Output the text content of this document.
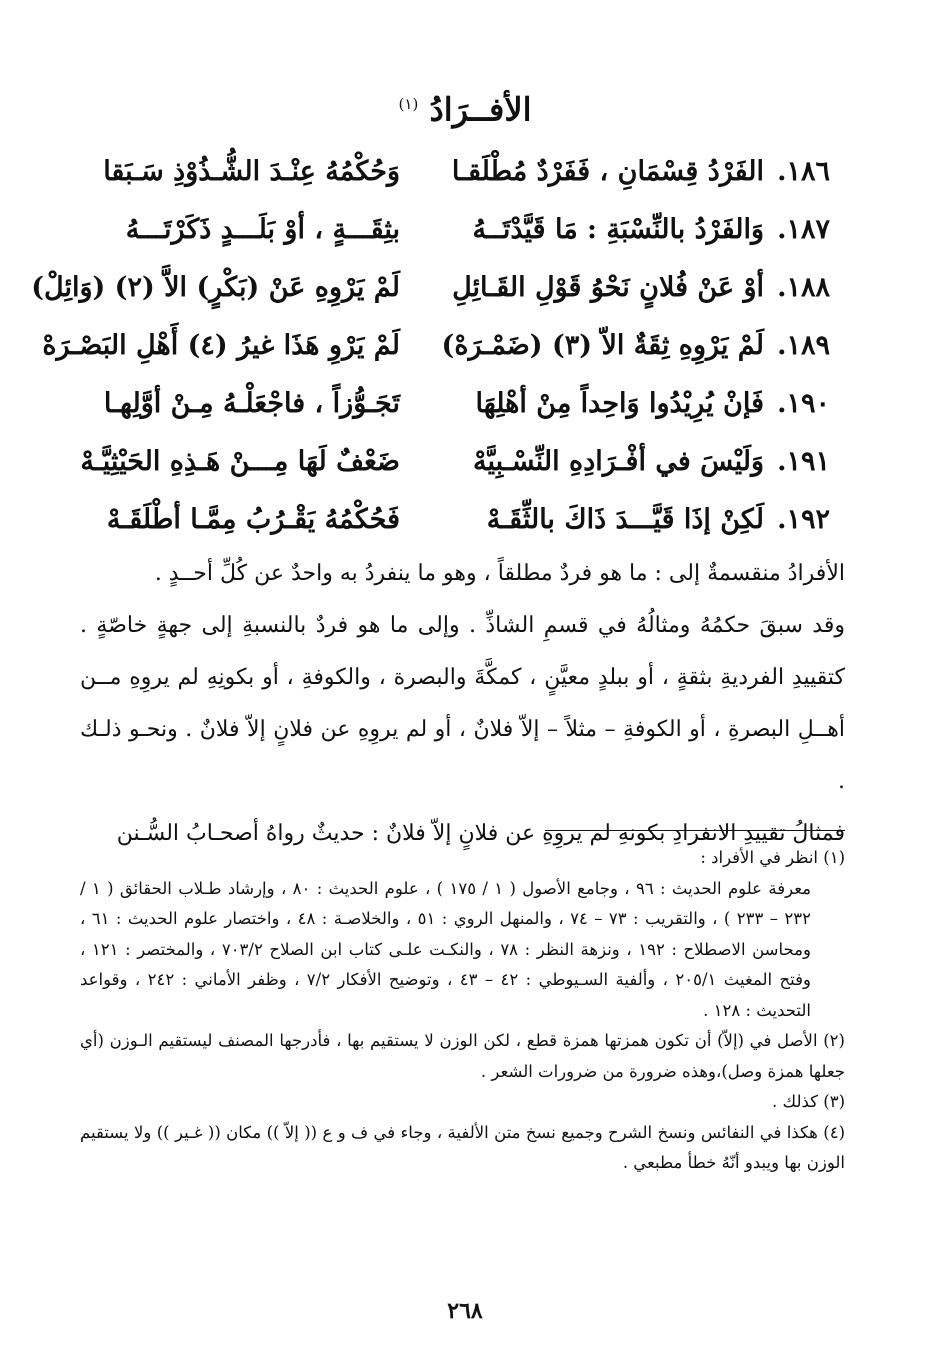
الأفــرَادُ $^{(١)}$
١٨٦.
الفَرْدُ قِسْمَانِ ، فَفَرْدٌ مُطْلَقـا
وَحُكْمُهُ عِنْـدَ الشُّـذُوْذِ سَـبَقا
١٨٧.
وَالفَرْدُ بالنِّسْبَةِ : مَا قَيَّدْتَــهُ
بثِقَـــةٍ ، أوْ بَلَـــدٍ ذَكَرْتَـــهُ
١٨٨.
أوْ عَنْ فُلانٍ نَحْوُ قَوْلِ القَـائِلِ
لَمْ يَرْوِهِ عَنْ (بَكْرٍ) الاَّ (٢) (وَائِلْ)
١٨٩.
لَمْ يَرْوِهِ ثِقَةٌ الاّ (٣) (ضَمْـرَهْ)
لَمْ يَرْوِ هَذَا غيرُ (٤) أَهْلِ البَصْـرَهْ
١٩٠.
فَإنْ يُرِيْدُوا وَاحِداً مِنْ أهْلِهَا
تَجَـوُّزاً ، فاجْعَلْـهُ مِـنْ أوَّلِهـا
١٩١.
وَلَيْسَ في أفْـرَادِهِ النِّسْـبِيَّهْ
ضَعْفٌ لَهَا مِـــنْ هَـذِهِ الحَيْثِيَّـهْ
١٩٢.
لَكِنْ إذَا قَيَّـــدَ ذَاكَ بالثِّقَـهْ
فَحُكْمُهُ يَقْـرُبُ مِمَّـا أطْلَقَـهْ

الأفرادُ منقسمةٌ إلى : ما هو فردٌ مطلقاً ، وهو ما ينفردُ به واحدٌ عن كُلِّ أحــدٍ .

وقد سبقَ حكمُهُ ومثالُهُ في قسمِ الشاذِّ . وإلى ما هو فردٌ بالنسبةِ إلى جهةٍ خاصّةٍ . كتقييدِ الفرديةِ بثقةٍ ، أو ببلدٍ معيَّنٍ ، كمكَّةَ والبصرة ، والكوفةِ ، أو بكونِهِ لم يروِهِ مــن أهــلِ البصرةِ ، أو الكوفةِ – مثلاً – إلاّ فلانٌ ، أو لم يروِهِ عن فلانٍ إلاّ فلانٌ . ونحـو ذلـك .

فمثالُ تقييدِ الانفرادِ بكونهِ لم يروِهِ عن فلانٍ إلاّ فلانٌ : حديثٌ رواهُ أصحـابُ السُّـنن

(١) انظر في الأفراد :

معرفة علوم الحديث : ٩٦ ، وجامع الأصول ( ١ / ١٧٥ ) ، علوم الحديث : ٨٠ ، وإرشاد طـلاب الحقائق ( ١ / ٢٣٢ – ٢٣٣ ) ، والتقريب : ٧٣ – ٧٤ ، والمنهل الروي : ٥١ ، والخلاصـة : ٤٨ ، واختصار علوم الحديث : ٦١ ، ومحاسن الاصطلاح : ١٩٢ ، ونزهة النظر : ٧٨ ، والنكـت علـى كتاب ابن الصلاح ٧٠٣/٢ ، والمختصر : ١٢١ ، وفتح المغيث ٢٠٥/١ ، وألفية السـيوطي : ٤٢ – ٤٣ ، وتوضيح الأفكار ٧/٢ ، وظفر الأماني : ٢٤٢ ، وقواعد التحديث : ١٢٨ .

(٢) الأصل في (إلاّ) أن تكون همزتها همزة قطع ، لكن الوزن لا يستقيم بها ، فأدرجها المصنف ليستقيم الـوزن (أي جعلها همزة وصل)،وهذه ضرورة من ضرورات الشعر .

(٣) كذلك .

(٤) هكذا في النفائس ونسخ الشرح وجميع نسخ متن الألفية ، وجاء في ف و ع (( إلاّ )) مكان (( غـير )) ولا يستقيم الوزن بها ويبدو أنّهُ خطأ مطبعي .

٢٦٨
